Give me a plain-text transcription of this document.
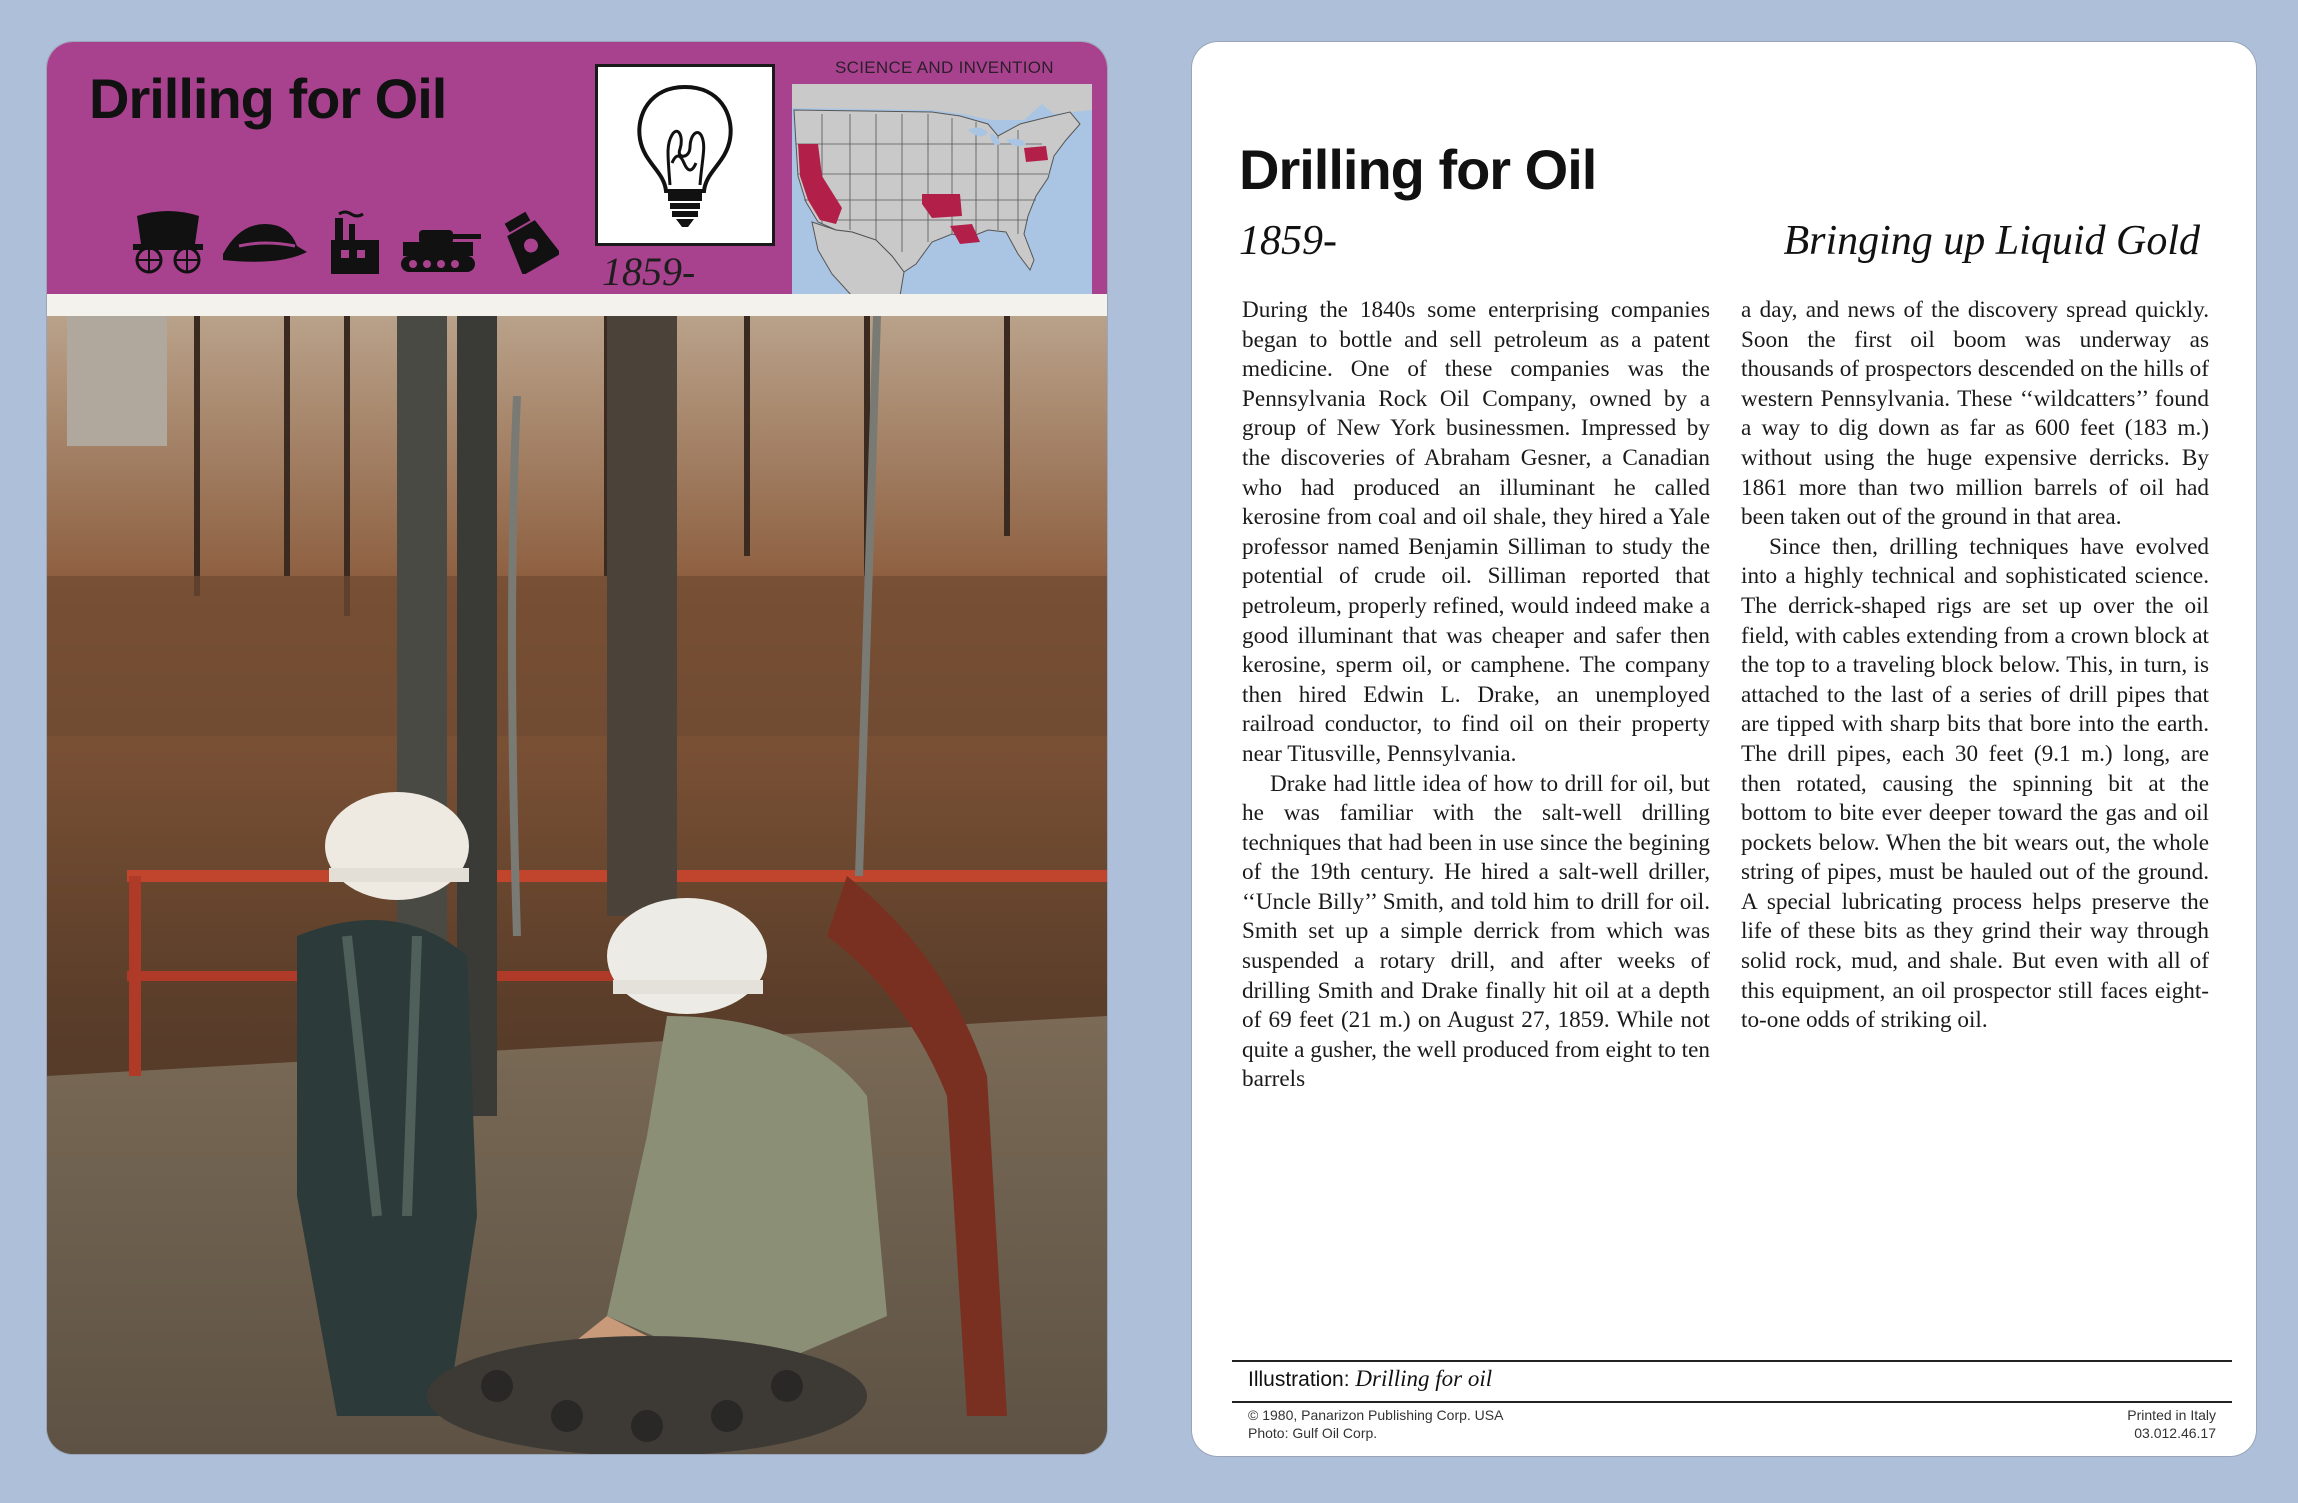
Drilling for Oil
1859-
SCIENCE AND INVENTION
Drilling for Oil
1859-	Bringing up Liquid Gold

During the 1840s some enterprising companies began to bottle and sell petroleum as a patent medicine. One of these companies was the Pennsylvania Rock Oil Company, owned by a group of New York businessmen. Impressed by the discoveries of Abraham Gesner, a Canadian who had produced an illuminant he called kerosine from coal and oil shale, they hired a Yale professor named Benjamin Silliman to study the potential of crude oil. Silliman reported that petroleum, properly refined, would indeed make a good illuminant that was cheaper and safer then kerosine, sperm oil, or camphene. The company then hired Edwin L. Drake, an unemployed railroad conductor, to find oil on their property near Titusville, Pennsylvania.

Drake had little idea of how to drill for oil, but he was familiar with the salt-well drilling techniques that had been in use since the begining of the 19th century. He hired a salt-well driller, ‘‘Uncle Billy’’ Smith, and told him to drill for oil. Smith set up a simple derrick from which was suspended a rotary drill, and after weeks of drilling Smith and Drake finally hit oil at a depth of 69 feet (21 m.) on August 27, 1859. While not quite a gusher, the well produced from eight to ten barrels

a day, and news of the discovery spread quickly. Soon the first oil boom was underway as thousands of prospectors descended on the hills of western Pennsylvania. These ‘‘wildcatters’’ found a way to dig down as far as 600 feet (183 m.) without using the huge expensive derricks. By 1861 more than two million barrels of oil had been taken out of the ground in that area.

Since then, drilling techniques have evolved into a highly technical and sophisticated science. The derrick-shaped rigs are set up over the oil field, with cables extending from a crown block at the top to a traveling block below. This, in turn, is attached to the last of a series of drill pipes that are tipped with sharp bits that bore into the earth. The drill pipes, each 30 feet (9.1 m.) long, are then rotated, causing the spinning bit at the bottom to bite ever deeper toward the gas and oil pockets below. When the bit wears out, the whole string of pipes, must be hauled out of the ground. A special lubricating process helps preserve the life of these bits as they grind their way through solid rock, mud, and shale. But even with all of this equipment, an oil prospector still faces eight-to-one odds of striking oil.

Illustration: Drilling for oil
© 1980, Panarizon Publishing Corp. USA
Photo: Gulf Oil Corp.
Printed in Italy
03.012.46.17
